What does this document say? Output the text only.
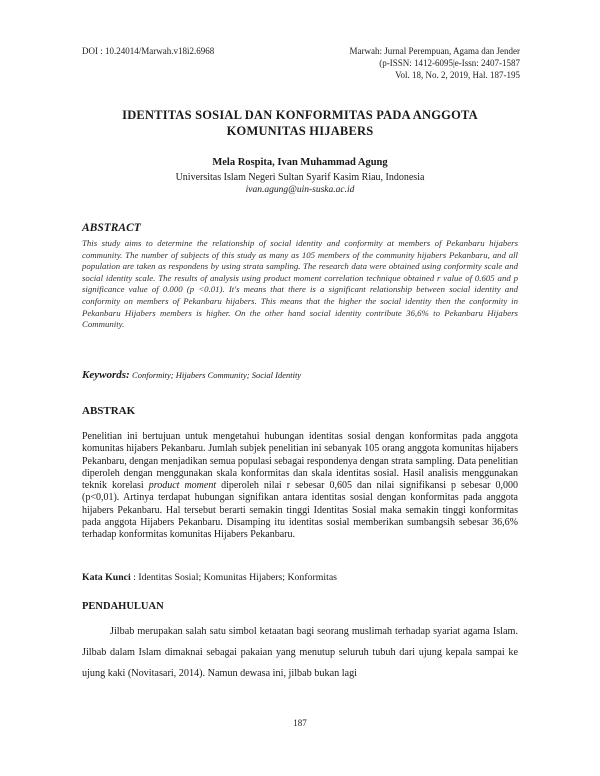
DOI : 10.24014/Marwah.v18i2.6968	Marwah: Jurnal Perempuan, Agama dan Jender
(p-ISSN: 1412-6095|e-Issn: 2407-1587
Vol. 18, No. 2, 2019, Hal. 187-195
IDENTITAS SOSIAL DAN KONFORMITAS PADA ANGGOTA
KOMUNITAS HIJABERS
Mela Rospita, Ivan Muhammad Agung
Universitas Islam Negeri Sultan Syarif Kasim Riau, Indonesia
ivan.agung@uin-suska.ac.id
ABSTRACT
This study aims to determine the relationship of social identity and conformity at members of Pekanbaru hijabers community. The number of subjects of this study as many as 105 members of the community hijabers Pekanbaru, and all population are taken as respondens by using strata sampling. The research data were obtained using conformity scale and social identity scale. The results of analysis using product moment correlation technique obtained r value of 0.605 and p significance value of 0.000 (p <0.01). It's means that there is a significant relationship between social identity and conformity on members of Pekanbaru hijabers. This means that the higher the social identity then the conformity in Pekanbaru Hijabers members is higher. On the other hand social identity contribute 36,6% to Pekanbaru Hijabers Community.
Keywords: Conformity; Hijabers Community; Social Identity
ABSTRAK
Penelitian ini bertujuan untuk mengetahui hubungan identitas sosial dengan konformitas pada anggota komunitas hijabers Pekanbaru. Jumlah subjek penelitian ini sebanyak 105 orang anggota komunitas hijabers Pekanbaru, dengan menjadikan semua populasi sebagai respondenya dengan strata sampling. Data penelitian diperoleh dengan menggunakan skala konformitas dan skala identitas sosial. Hasil analisis menggunakan teknik korelasi product moment diperoleh nilai r sebesar 0,605 dan nilai signifikansi p sebesar 0,000 (p<0,01). Artinya terdapat hubungan signifikan antara identitas sosial dengan konformitas pada anggota hijabers Pekanbaru. Hal tersebut berarti semakin tinggi Identitas Sosial maka semakin tinggi konformitas pada anggota Hijabers Pekanbaru. Disamping itu identitas sosial memberikan sumbangsih sebesar 36,6% terhadap konformitas komunitas Hijabers Pekanbaru.
Kata Kunci : Identitas Sosial; Komunitas Hijabers; Konformitas
PENDAHULUAN
Jilbab merupakan salah satu simbol ketaatan bagi seorang muslimah terhadap syariat agama Islam. Jilbab dalam Islam dimaknai sebagai pakaian yang menutup seluruh tubuh dari ujung kepala sampai ke ujung kaki (Novitasari, 2014). Namun dewasa ini, jilbab bukan lagi
187
